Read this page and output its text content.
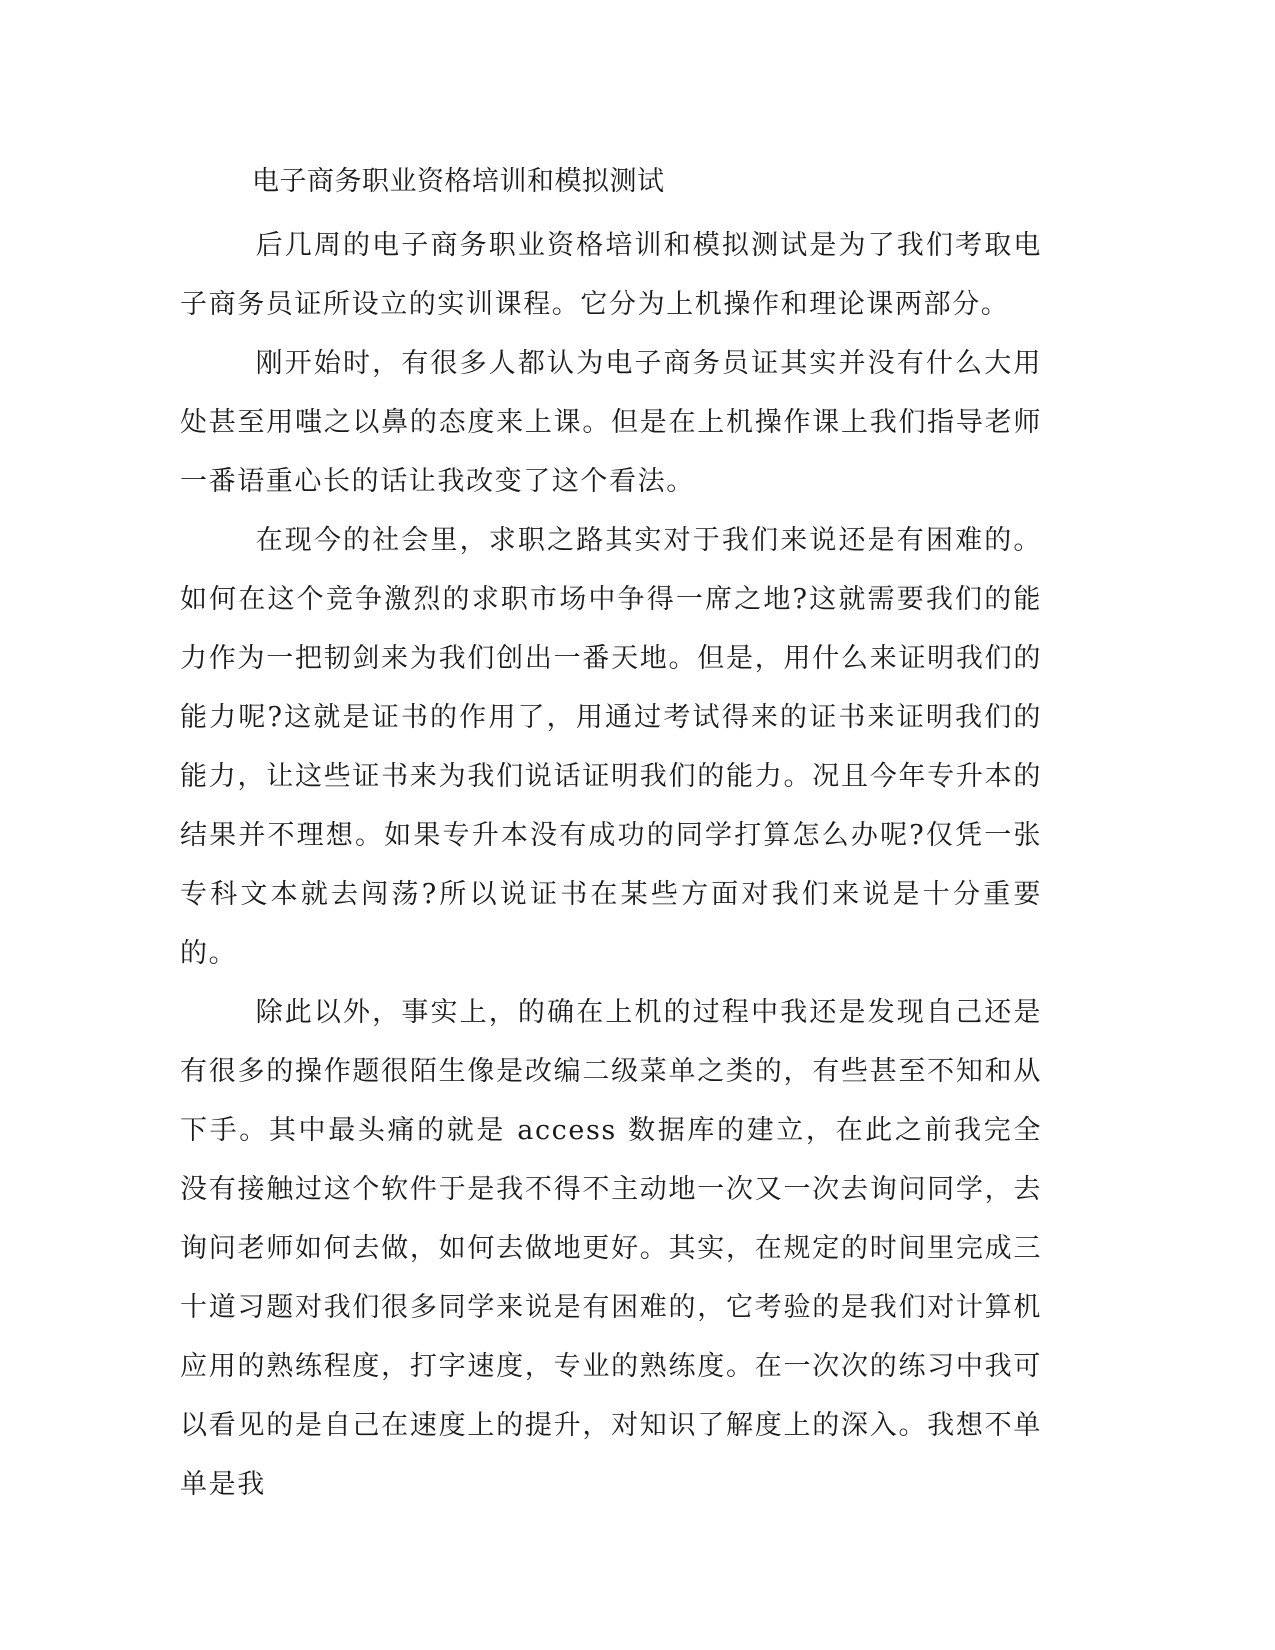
电子商务职业资格培训和模拟测试

后几周的电子商务职业资格培训和模拟测试是为了我们考取电子商务员证所设立的实训课程。它分为上机操作和理论课两部分。

刚开始时，有很多人都认为电子商务员证其实并没有什么大用处甚至用嗤之以鼻的态度来上课。但是在上机操作课上我们指导老师一番语重心长的话让我改变了这个看法。

在现今的社会里，求职之路其实对于我们来说还是有困难的。如何在这个竞争激烈的求职市场中争得一席之地?这就需要我们的能力作为一把韧剑来为我们创出一番天地。但是，用什么来证明我们的能力呢?这就是证书的作用了，用通过考试得来的证书来证明我们的能力，让这些证书来为我们说话证明我们的能力。况且今年专升本的结果并不理想。如果专升本没有成功的同学打算怎么办呢?仅凭一张专科文本就去闯荡?所以说证书在某些方面对我们来说是十分重要的。

除此以外，事实上，的确在上机的过程中我还是发现自己还是有很多的操作题很陌生像是改编二级菜单之类的，有些甚至不知和从下手。其中最头痛的就是 access 数据库的建立，在此之前我完全没有接触过这个软件于是我不得不主动地一次又一次去询问同学，去询问老师如何去做，如何去做地更好。其实，在规定的时间里完成三十道习题对我们很多同学来说是有困难的，它考验的是我们对计算机应用的熟练程度，打字速度，专业的熟练度。在一次次的练习中我可以看见的是自己在速度上的提升，对知识了解度上的深入。我想不单单是我
